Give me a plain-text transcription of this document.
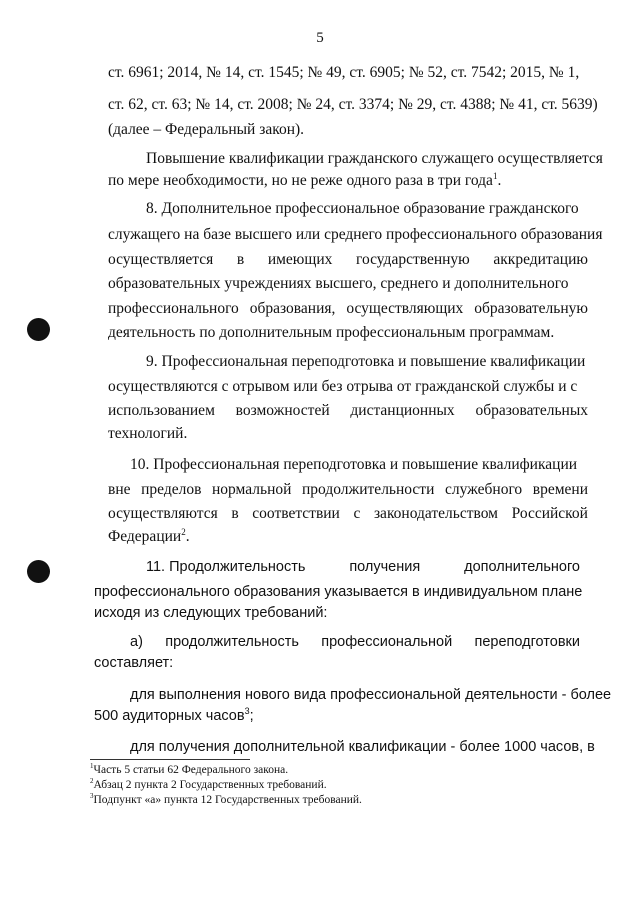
5
ст. 6961; 2014, № 14, ст. 1545; № 49, ст. 6905; № 52, ст. 7542; 2015, № 1,
ст. 62, ст. 63; № 14, ст. 2008; № 24, ст. 3374; № 29, ст. 4388; № 41, ст. 5639)
(далее – Федеральный закон).
Повышение квалификации гражданского служащего осуществляется
по мере необходимости, но не реже одного раза в три года$^1$.
8. Дополнительное профессиональное образование гражданского
служащего на базе высшего или среднего профессионального образования
осуществляется в имеющих государственную аккредитацию
образовательных учреждениях высшего, среднего и дополнительного
профессионального образования, осуществляющих образовательную
деятельность по дополнительным профессиональным программам.
9. Профессиональная переподготовка и повышение квалификации
осуществляются с отрывом или без отрыва от гражданской службы и с
использованием возможностей дистанционных образовательных
технологий.
10. Профессиональная переподготовка и повышение квалификации
вне пределов нормальной продолжительности служебного времени
осуществляются в соответствии с законодательством Российской
Федерации$^2$.
11. Продолжительность	получения	дополнительного
профессионального образования указывается в индивидуальном плане
исходя из следующих требований:
а) продолжительность профессиональной переподготовки
составляет:
для выполнения нового вида профессиональной деятельности - более
500 аудиторных часов$^3$;
для получения дополнительной квалификации - более 1000 часов, в
$^1$Часть 5 статьи 62 Федерального закона.
$^2$Абзац 2 пункта 2 Государственных требований.
$^3$Подпункт «а» пункта 12 Государственных требований.
